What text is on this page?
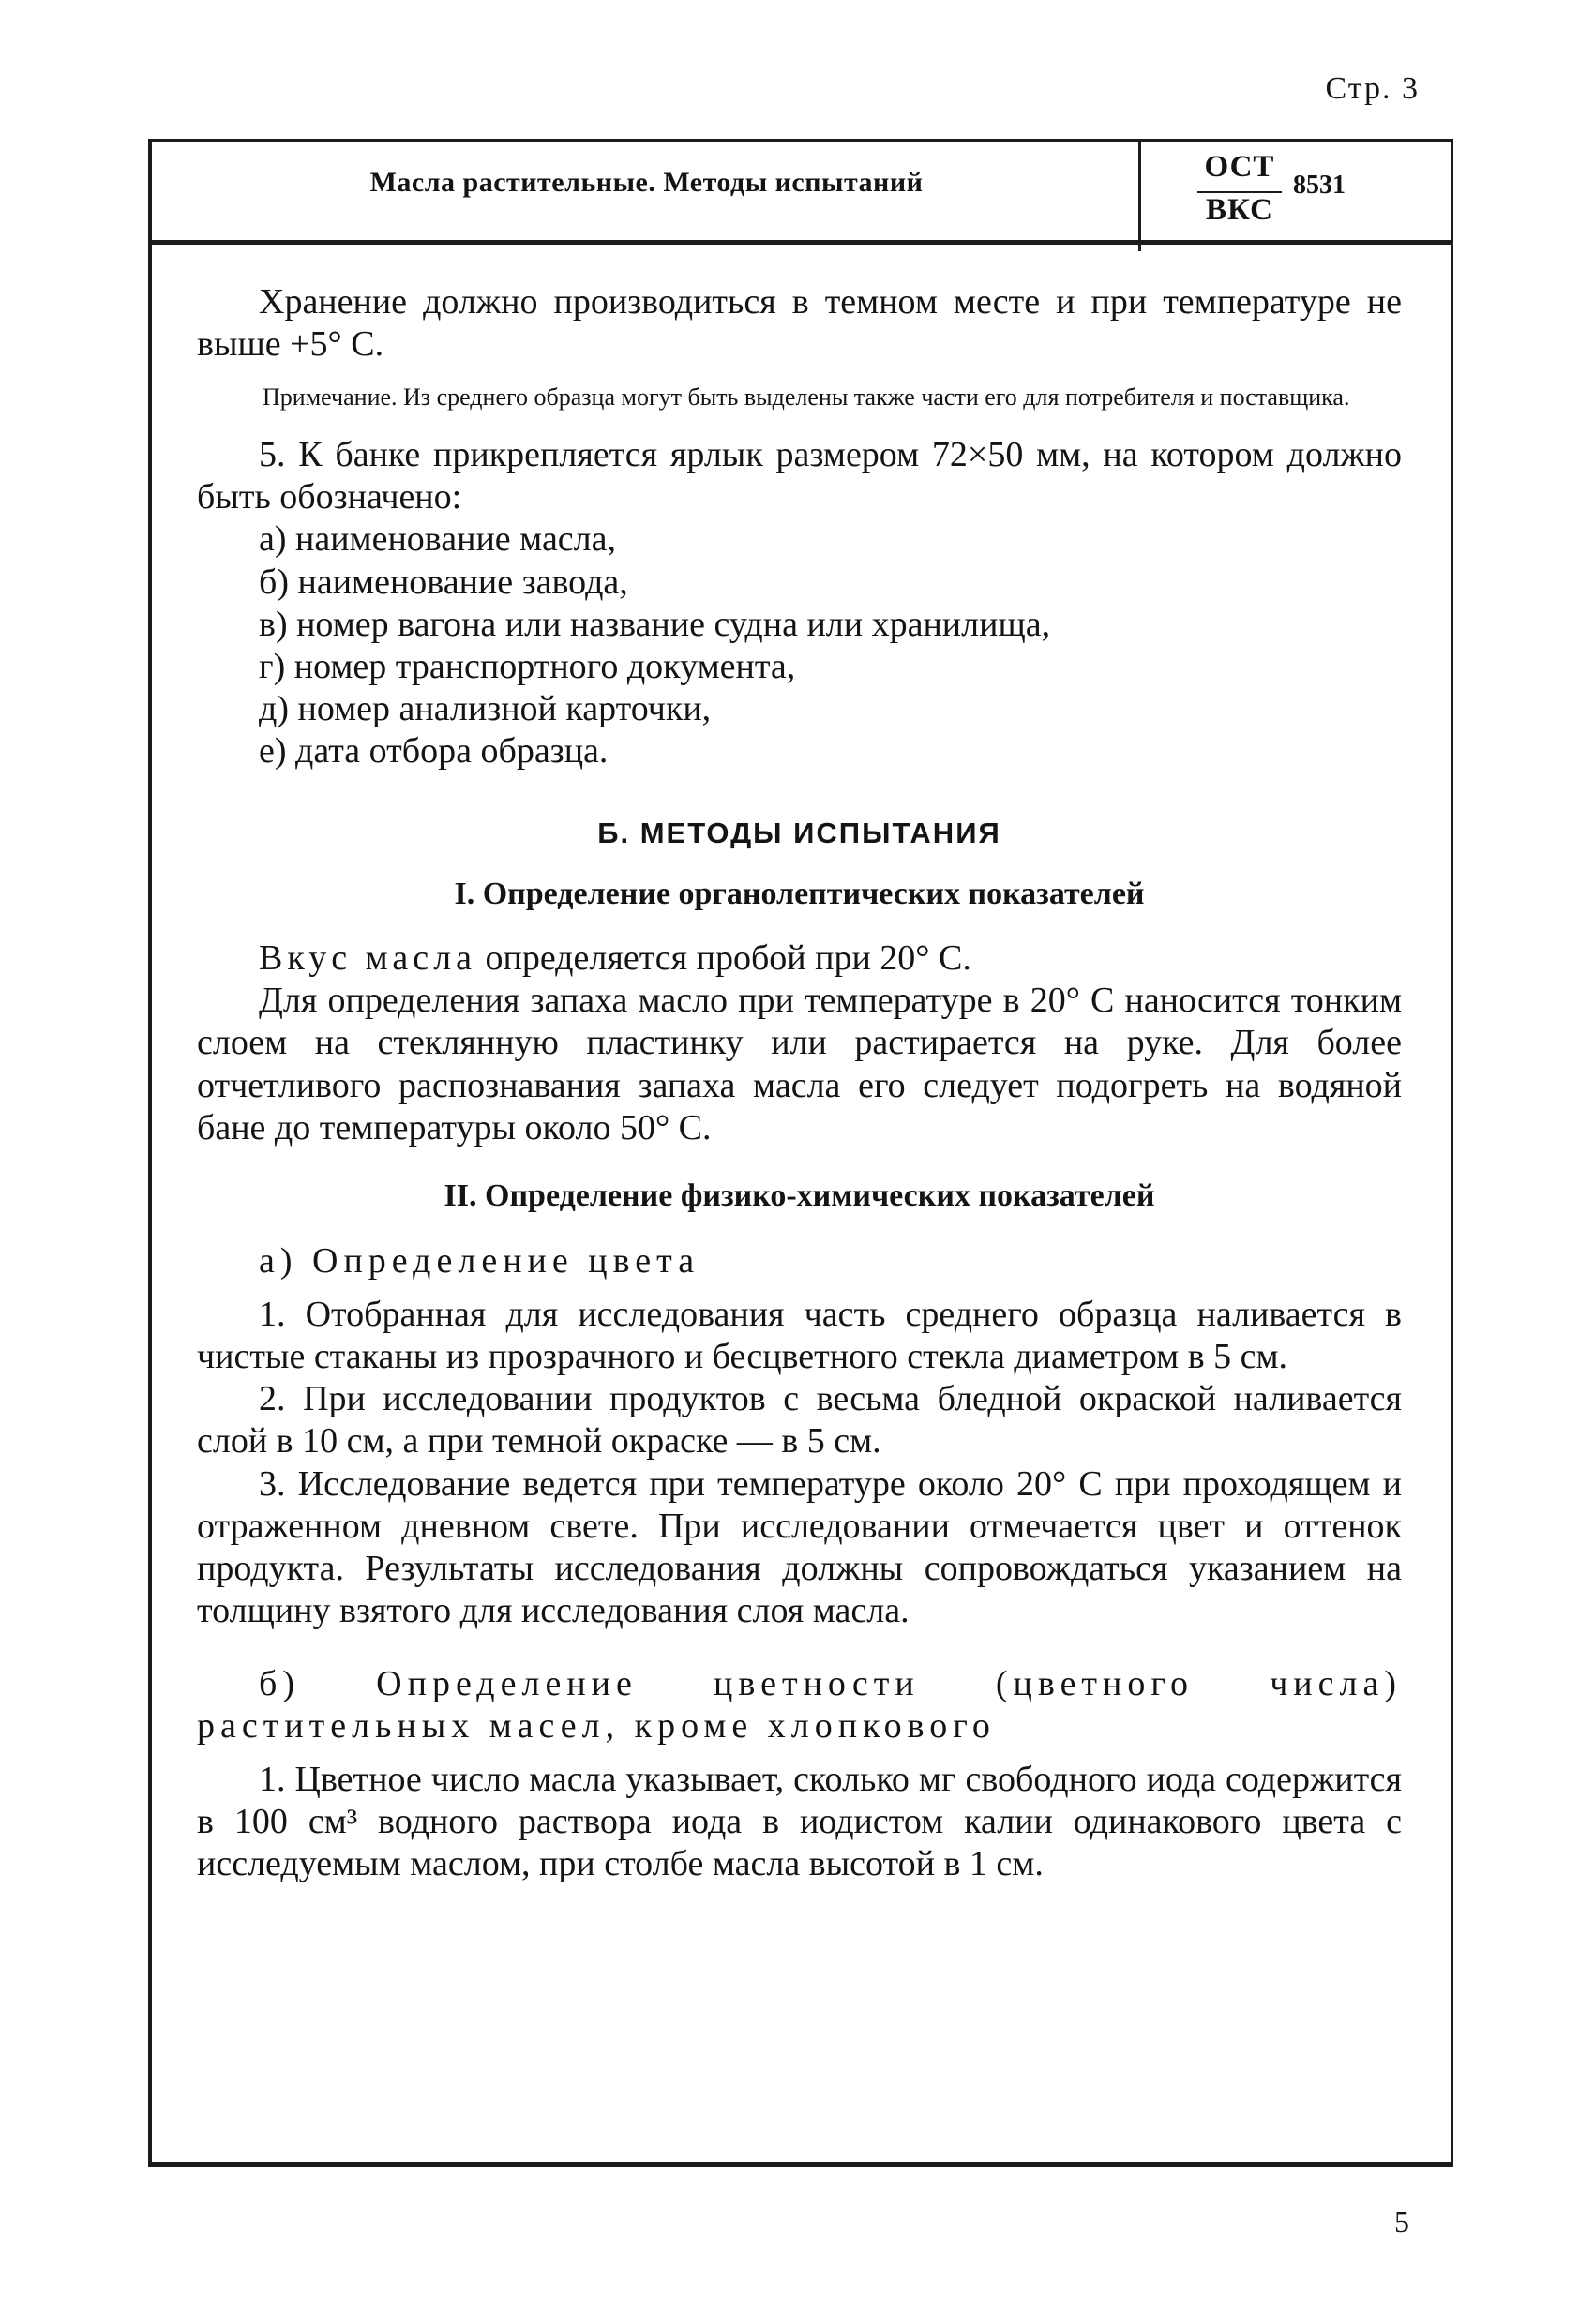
Стр. 3
Масла растительные. Методы испытаний	ОСТ
ВКС
8531

Хранение должно производиться в темном месте и при температуре не выше +5° С.

Примечание. Из среднего образца могут быть выделены также части его для потребителя и поставщика.

5. К банке прикрепляется ярлык размером 72×50 мм, на котором должно быть обозначено:

а) наименование масла,
б) наименование завода,
в) номер вагона или название судна или хранилища,
г) номер транспортного документа,
д) номер анализной карточки,
е) дата отбора образца.
Б. МЕТОДЫ ИСПЫТАНИЯ
I. Определение органолептических показателей

Вкус масла определяется пробой при 20° С.

Для определения запаха масло при температуре в 20° С наносится тонким слоем на стеклянную пластинку или растирается на руке. Для более отчетливого распознавания запаха масла его следует подогреть на водяной бане до температуры около 50° С.

II. Определение физико-химических показателей

а) Определение цвета

1. Отобранная для исследования часть среднего образца наливается в чистые стаканы из прозрачного и бесцветного стекла диаметром в 5 см.

2. При исследовании продуктов с весьма бледной окраской наливается слой в 10 см, а при темной окраске — в 5 см.

3. Исследование ведется при температуре около 20° С при проходящем и отраженном дневном свете. При исследовании отмечается цвет и оттенок продукта. Результаты исследования должны сопровождаться указанием на толщину взятого для исследования слоя масла.

б) Определение цветности (цветного числа) растительных масел, кроме хлопкового

1. Цветное число масла указывает, сколько мг свободного иода содержится в 100 см³ водного раствора иода в иодистом калии одинакового цвета с исследуемым маслом, при столбе масла высотой в 1 см.

5
